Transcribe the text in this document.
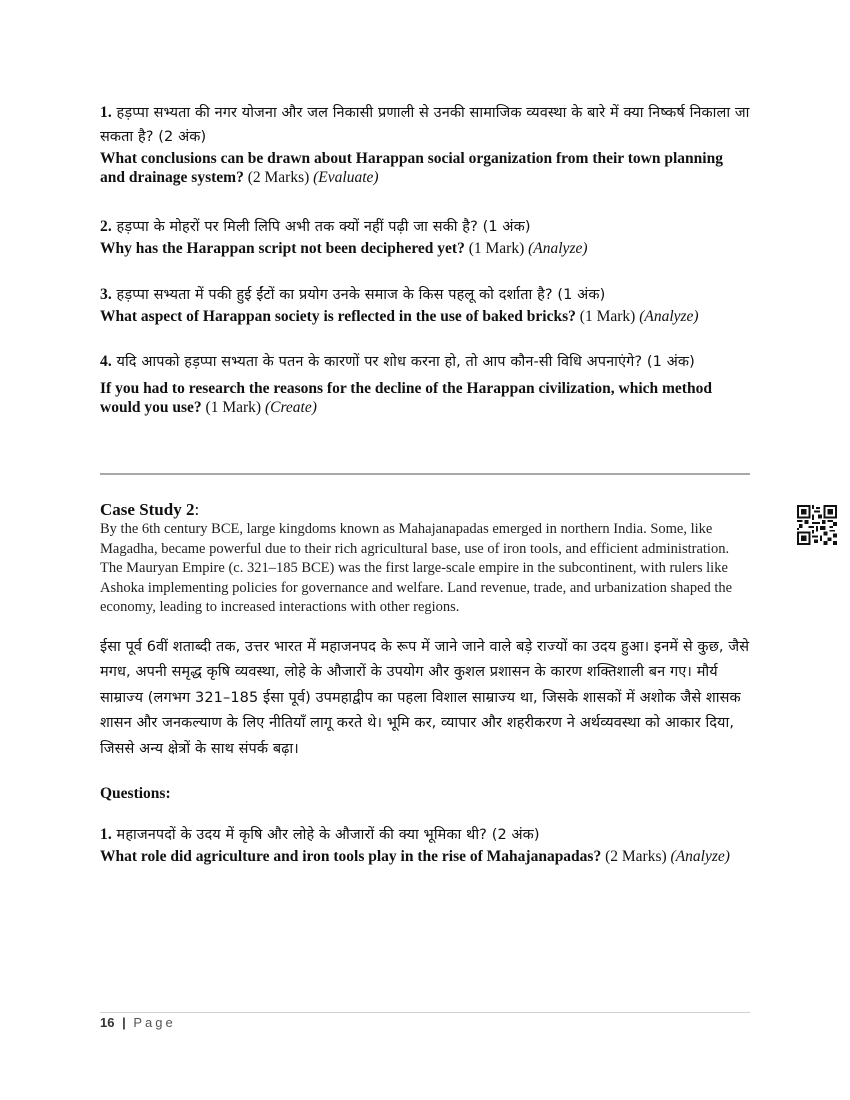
1. हड़प्पा सभ्यता की नगर योजना और जल निकासी प्रणाली से उनकी सामाजिक व्यवस्था के बारे में क्या निष्कर्ष निकाला जा सकता है? (2 अंक)
What conclusions can be drawn about Harappan social organization from their town planning and drainage system? (2 Marks) (Evaluate)
2. हड़प्पा के मोहरों पर मिली लिपि अभी तक क्यों नहीं पढ़ी जा सकी है? (1 अंक)
Why has the Harappan script not been deciphered yet? (1 Mark) (Analyze)
3. हड़प्पा सभ्यता में पकी हुई ईंटों का प्रयोग उनके समाज के किस पहलू को दर्शाता है? (1 अंक)
What aspect of Harappan society is reflected in the use of baked bricks? (1 Mark) (Analyze)
4. यदि आपको हड़प्पा सभ्यता के पतन के कारणों पर शोध करना हो, तो आप कौन-सी विधि अपनाएंगे? (1 अंक)
If you had to research the reasons for the decline of the Harappan civilization, which method would you use? (1 Mark) (Create)
Case Study 2:
By the 6th century BCE, large kingdoms known as Mahajanapadas emerged in northern India. Some, like Magadha, became powerful due to their rich agricultural base, use of iron tools, and efficient administration. The Mauryan Empire (c. 321–185 BCE) was the first large-scale empire in the subcontinent, with rulers like Ashoka implementing policies for governance and welfare. Land revenue, trade, and urbanization shaped the economy, leading to increased interactions with other regions.
ईसा पूर्व 6वीं शताब्दी तक, उत्तर भारत में महाजनपद के रूप में जाने जाने वाले बड़े राज्यों का उदय हुआ। इनमें से कुछ, जैसे मगध, अपनी समृद्ध कृषि व्यवस्था, लोहे के औजारों के उपयोग और कुशल प्रशासन के कारण शक्तिशाली बन गए। मौर्य साम्राज्य (लगभग 321–185 ईसा पूर्व) उपमहाद्वीप का पहला विशाल साम्राज्य था, जिसके शासकों में अशोक जैसे शासक शासन और जनकल्याण के लिए नीतियाँ लागू करते थे। भूमि कर, व्यापार और शहरीकरण ने अर्थव्यवस्था को आकार दिया, जिससे अन्य क्षेत्रों के साथ संपर्क बढ़ा।
Questions:
1. महाजनपदों के उदय में कृषि और लोहे के औजारों की क्या भूमिका थी? (2 अंक)
What role did agriculture and iron tools play in the rise of Mahajanapadas? (2 Marks) (Analyze)
16 | Page
